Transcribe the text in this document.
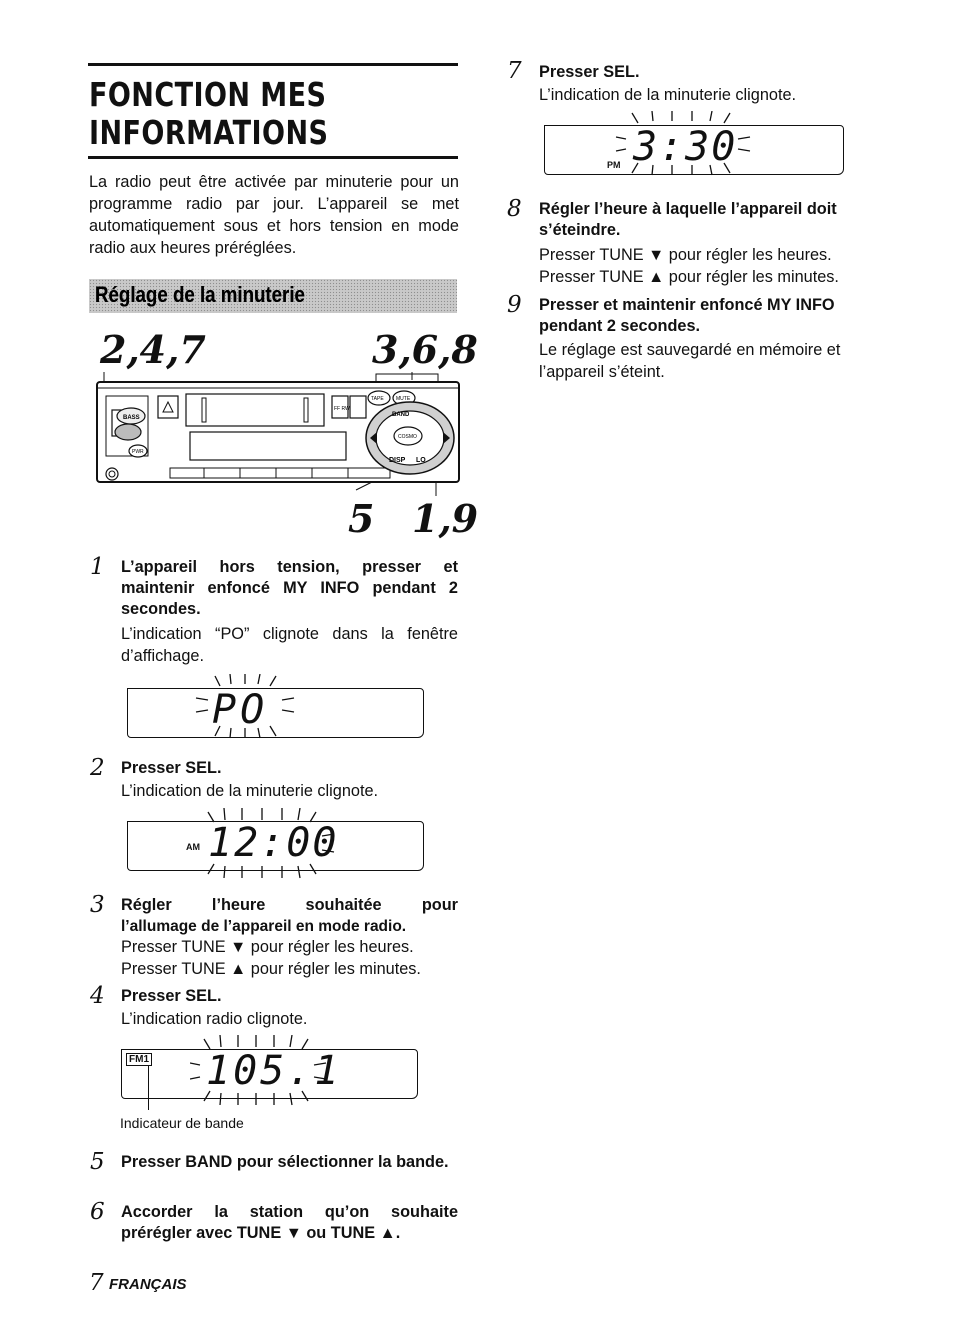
FONCTION MES
INFORMATIONS
La radio peut être activée par minuterie pour un programme radio par jour. L’appareil se met automatiquement sous et hors tension en mode radio aux heures préréglées.
Réglage de la minuterie
2,4,7	3,6,8
BASS
PWR
FF RW
TAPE MUTE
COSMO
BAND
DISP LO
5 1,9
1 L’appareil hors tension, presser et maintenir enfoncé MY INFO pendant 2 secondes.
L’indication “PO” clignote dans la fenêtre d’affichage.
PO
2 Presser SEL.
L’indication de la minuterie clignote.
AM 12:00
3 Régler l’heure souhaitée pour
l’allumage de l’appareil en mode radio.
Presser TUNE ▼ pour régler les heures.
Presser TUNE ▲ pour régler les minutes.
4 Presser SEL.
L’indication radio clignote.
FM1 105.1
Indicateur de bande
5 Presser BAND pour sélectionner la bande.
6 Accorder la station qu’on souhaite prérégler avec TUNE ▼ ou TUNE ▲.
7 FRANÇAIS
7 Presser SEL.
L’indication de la minuterie clignote.
PM 3:30
8 Régler l’heure à laquelle l’appareil doit s’éteindre.
Presser TUNE ▼ pour régler les heures.
Presser TUNE ▲ pour régler les minutes.
9 Presser et maintenir enfoncé MY INFO pendant 2 secondes.
Le réglage est sauvegardé en mémoire et l’appareil s’éteint.
